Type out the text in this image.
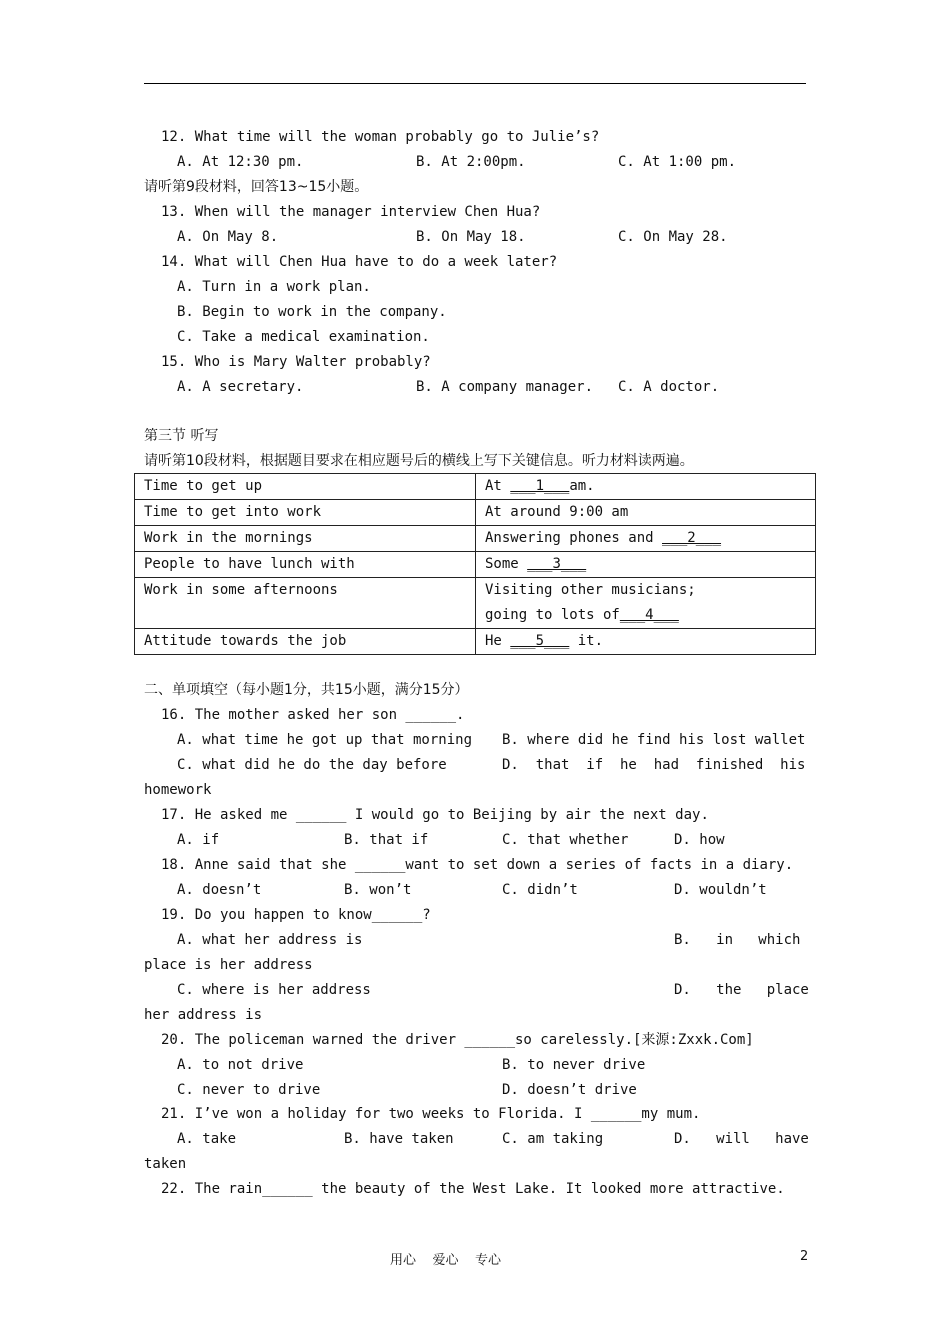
12. What time will the woman probably go to Julie’s?
A. At 12:30 pm.	B. At 2:00pm.	C. At 1:00 pm.
请听第9段材料，回答13~15小题。
13. When will the manager interview Chen Hua?
A. On May 8.	B. On May 18.	C. On May 28.
14. What will Chen Hua have to do a week later?
A. Turn in a work plan.
B. Begin to work in the company.
C. Take a medical examination.
15. Who is Mary Walter probably?
A. A secretary.	B. A company manager. C. A doctor.
第三节 听写
请听第10段材料，根据题目要求在相应题号后的横线上写下关键信息。听力材料读两遍。
Time to get up	At ___1___am.
Time to get into work	At around 9:00 am
Work in the mornings	Answering phones and ___2___
People to have lunch with	Some ___3___
Work in some afternoons	Visiting other musicians;
going to lots of___4___

Attitude towards the job	He ___5___ it.
二、单项填空（每小题1分，共15小题，满分15分）
16. The mother asked her son ______.
A. what time he got up that morning B. where did he find his lost wallet
C. what did he do the day before	D.  that  if  he  had  finished  his
homework
17. He asked me ______ I would go to Beijing by air the next day.
A. if	B. that if	C. that whether	D. how
18. Anne said that she ______want to set down a series of facts in a diary.
A. doesn’t	B. won’t	C. didn’t	D. wouldn’t
19. Do you happen to know______?
A. what her address is	B.   in   which
place is her address
C. where is her address	D.   the   place
her address is
20. The policeman warned the driver ______so carelessly.[来源:Zxxk.Com]
A. to not drive	B. to never drive
C. never to drive	D. doesn’t drive
21. I’ve won a holiday for two weeks to Florida. I ______my mum.
A. take	B. have taken	C. am taking	D.   will   have
taken
22. The rain______ the beauty of the West Lake. It looked more attractive.
用心    爱心    专心	2
